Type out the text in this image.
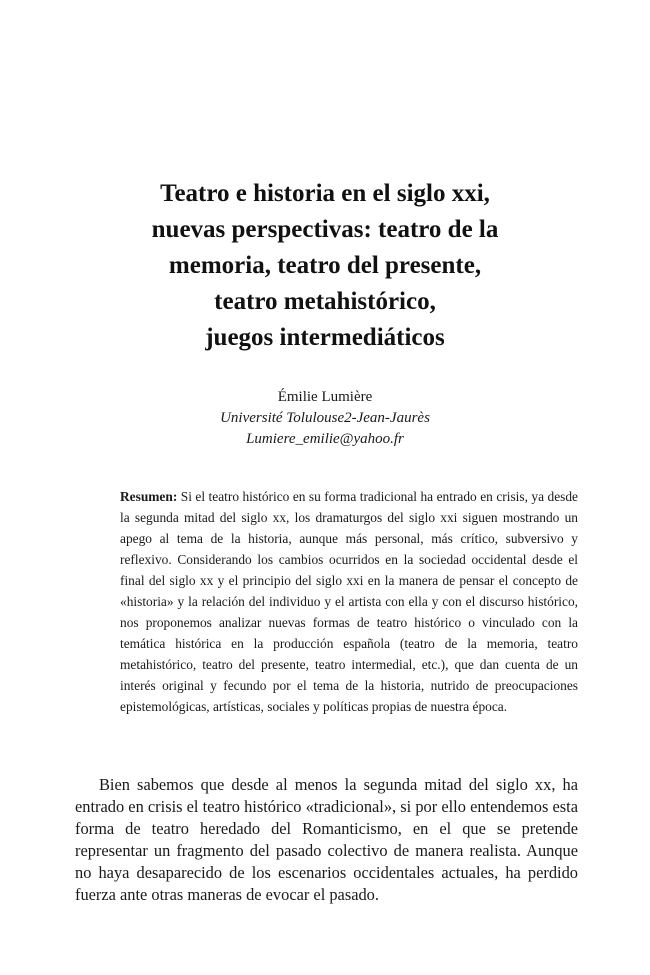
Teatro e historia en el siglo xxi,
nuevas perspectivas: teatro de la
memoria, teatro del presente,
teatro metahistórico,
juegos intermediáticos
Émilie Lumière
Université Tolulouse2-Jean-Jaurès
Lumiere_emilie@yahoo.fr

Resumen: Si el teatro histórico en su forma tradicional ha entrado en crisis, ya desde la segunda mitad del siglo xx, los dramaturgos del siglo xxi siguen mostrando un apego al tema de la historia, aunque más personal, más crítico, subversivo y reflexivo. Considerando los cambios ocurridos en la sociedad occidental desde el final del siglo xx y el principio del siglo xxi en la manera de pensar el concepto de «historia» y la relación del individuo y el artista con ella y con el discurso histórico, nos proponemos analizar nuevas formas de teatro histórico o vinculado con la temática histórica en la producción española (teatro de la memoria, teatro metahistórico, teatro del presente, teatro intermedial, etc.), que dan cuenta de un interés original y fecundo por el tema de la historia, nutrido de preocupaciones epistemológicas, artísticas, sociales y políticas propias de nuestra época.

Bien sabemos que desde al menos la segunda mitad del siglo xx, ha entrado en crisis el teatro histórico «tradicional», si por ello entendemos esta forma de teatro heredado del Romanticismo, en el que se pretende representar un fragmento del pasado colectivo de manera realista. Aunque no haya desaparecido de los escenarios occidentales actuales, ha perdido fuerza ante otras maneras de evocar el pasado.
